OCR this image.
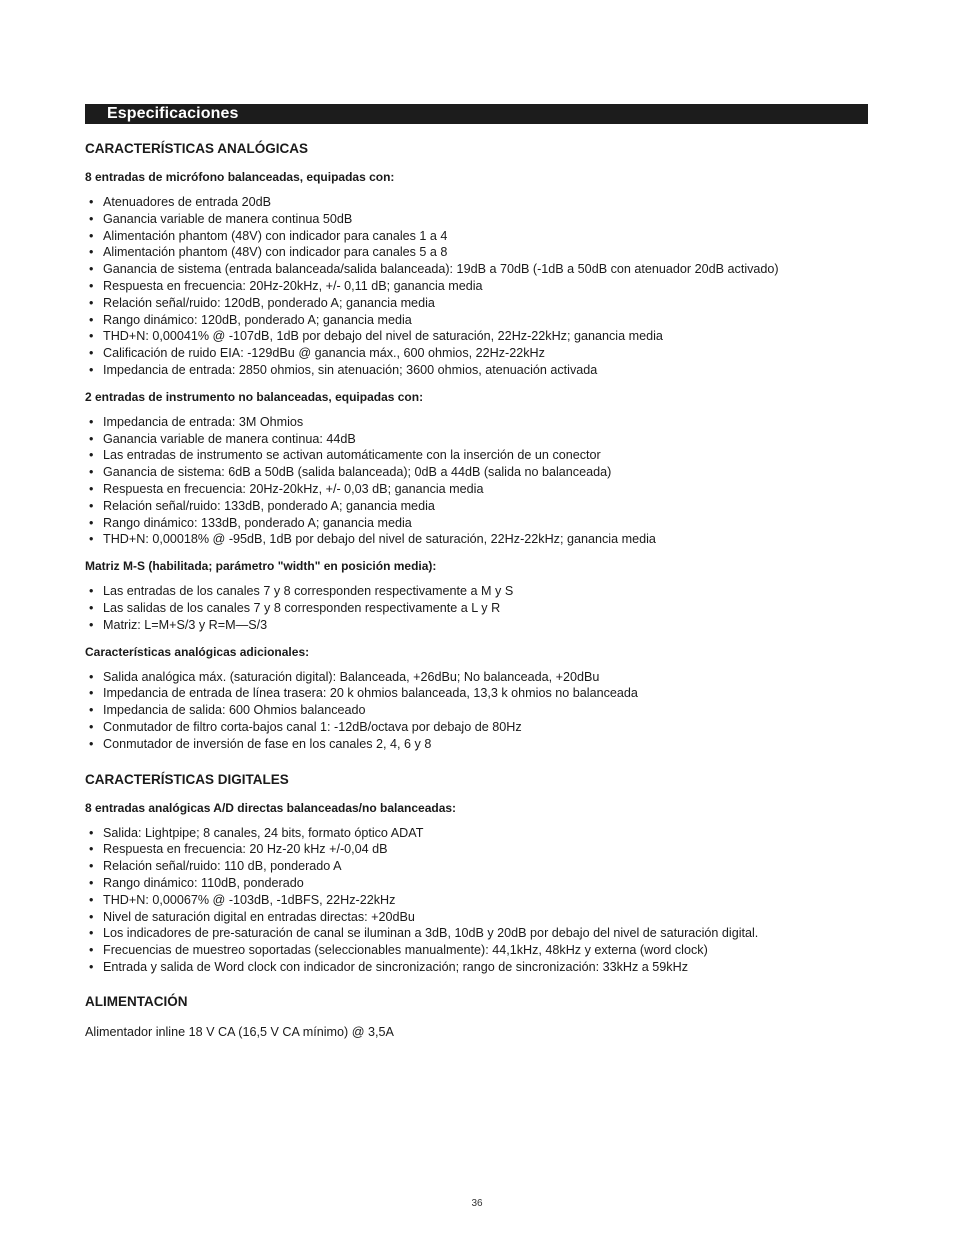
Especificaciones
CARACTERÍSTICAS ANALÓGICAS
8 entradas de micrófono balanceadas, equipadas con:
• Atenuadores de entrada 20dB
• Ganancia variable de manera continua 50dB
• Alimentación phantom (48V) con indicador para canales 1 a 4
• Alimentación phantom (48V) con indicador para canales 5 a 8
• Ganancia de sistema (entrada balanceada/salida balanceada): 19dB a 70dB (-1dB a 50dB con atenuador 20dB activado)
• Respuesta en frecuencia: 20Hz-20kHz, +/- 0,11 dB; ganancia media
• Relación señal/ruido: 120dB, ponderado A; ganancia media
• Rango dinámico: 120dB, ponderado A; ganancia media
• THD+N: 0,00041% @ -107dB, 1dB por debajo del nivel de saturación, 22Hz-22kHz; ganancia media
• Calificación de ruido EIA: -129dBu @ ganancia máx., 600 ohmios, 22Hz-22kHz
• Impedancia de entrada: 2850 ohmios, sin atenuación; 3600 ohmios, atenuación activada
2 entradas de instrumento no balanceadas, equipadas con:
• Impedancia de entrada: 3M Ohmios
• Ganancia variable de manera continua: 44dB
• Las entradas de instrumento se activan automáticamente con la inserción de un conector
• Ganancia de sistema: 6dB a 50dB (salida balanceada); 0dB a 44dB (salida no balanceada)
• Respuesta en frecuencia: 20Hz-20kHz, +/- 0,03 dB; ganancia media
• Relación señal/ruido: 133dB, ponderado A; ganancia media
• Rango dinámico: 133dB, ponderado A; ganancia media
• THD+N: 0,00018% @ -95dB, 1dB por debajo del nivel de saturación, 22Hz-22kHz; ganancia media
Matriz M-S (habilitada; parámetro "width" en posición media):
• Las entradas de los canales 7 y 8 corresponden respectivamente a M y S
• Las salidas de los canales 7 y 8 corresponden respectivamente a L y R
• Matriz: L=M+S/3 y R=M—S/3
Características analógicas adicionales:
• Salida analógica máx. (saturación digital): Balanceada, +26dBu; No balanceada, +20dBu
• Impedancia de entrada de línea trasera: 20 k ohmios balanceada, 13,3 k ohmios no balanceada
• Impedancia de salida: 600 Ohmios balanceado
• Conmutador de filtro corta-bajos canal 1: -12dB/octava por debajo de 80Hz
• Conmutador de inversión de fase en los canales 2, 4, 6 y 8
CARACTERÍSTICAS DIGITALES
8 entradas analógicas A/D directas balanceadas/no balanceadas:
• Salida: Lightpipe; 8 canales, 24 bits, formato óptico ADAT
• Respuesta en frecuencia: 20 Hz-20 kHz +/-0,04 dB
• Relación señal/ruido: 110 dB, ponderado A
• Rango dinámico: 110dB, ponderado
• THD+N: 0,00067% @ -103dB, -1dBFS, 22Hz-22kHz
• Nivel de saturación digital en entradas directas: +20dBu
• Los indicadores de pre-saturación de canal se iluminan a 3dB, 10dB y 20dB por debajo del nivel de saturación digital.
• Frecuencias de muestreo soportadas (seleccionables manualmente): 44,1kHz, 48kHz y externa (word clock)
• Entrada y salida de Word clock con indicador de sincronización; rango de sincronización: 33kHz a 59kHz
ALIMENTACIÓN
Alimentador inline 18 V CA (16,5 V CA mínimo) @ 3,5A
36
